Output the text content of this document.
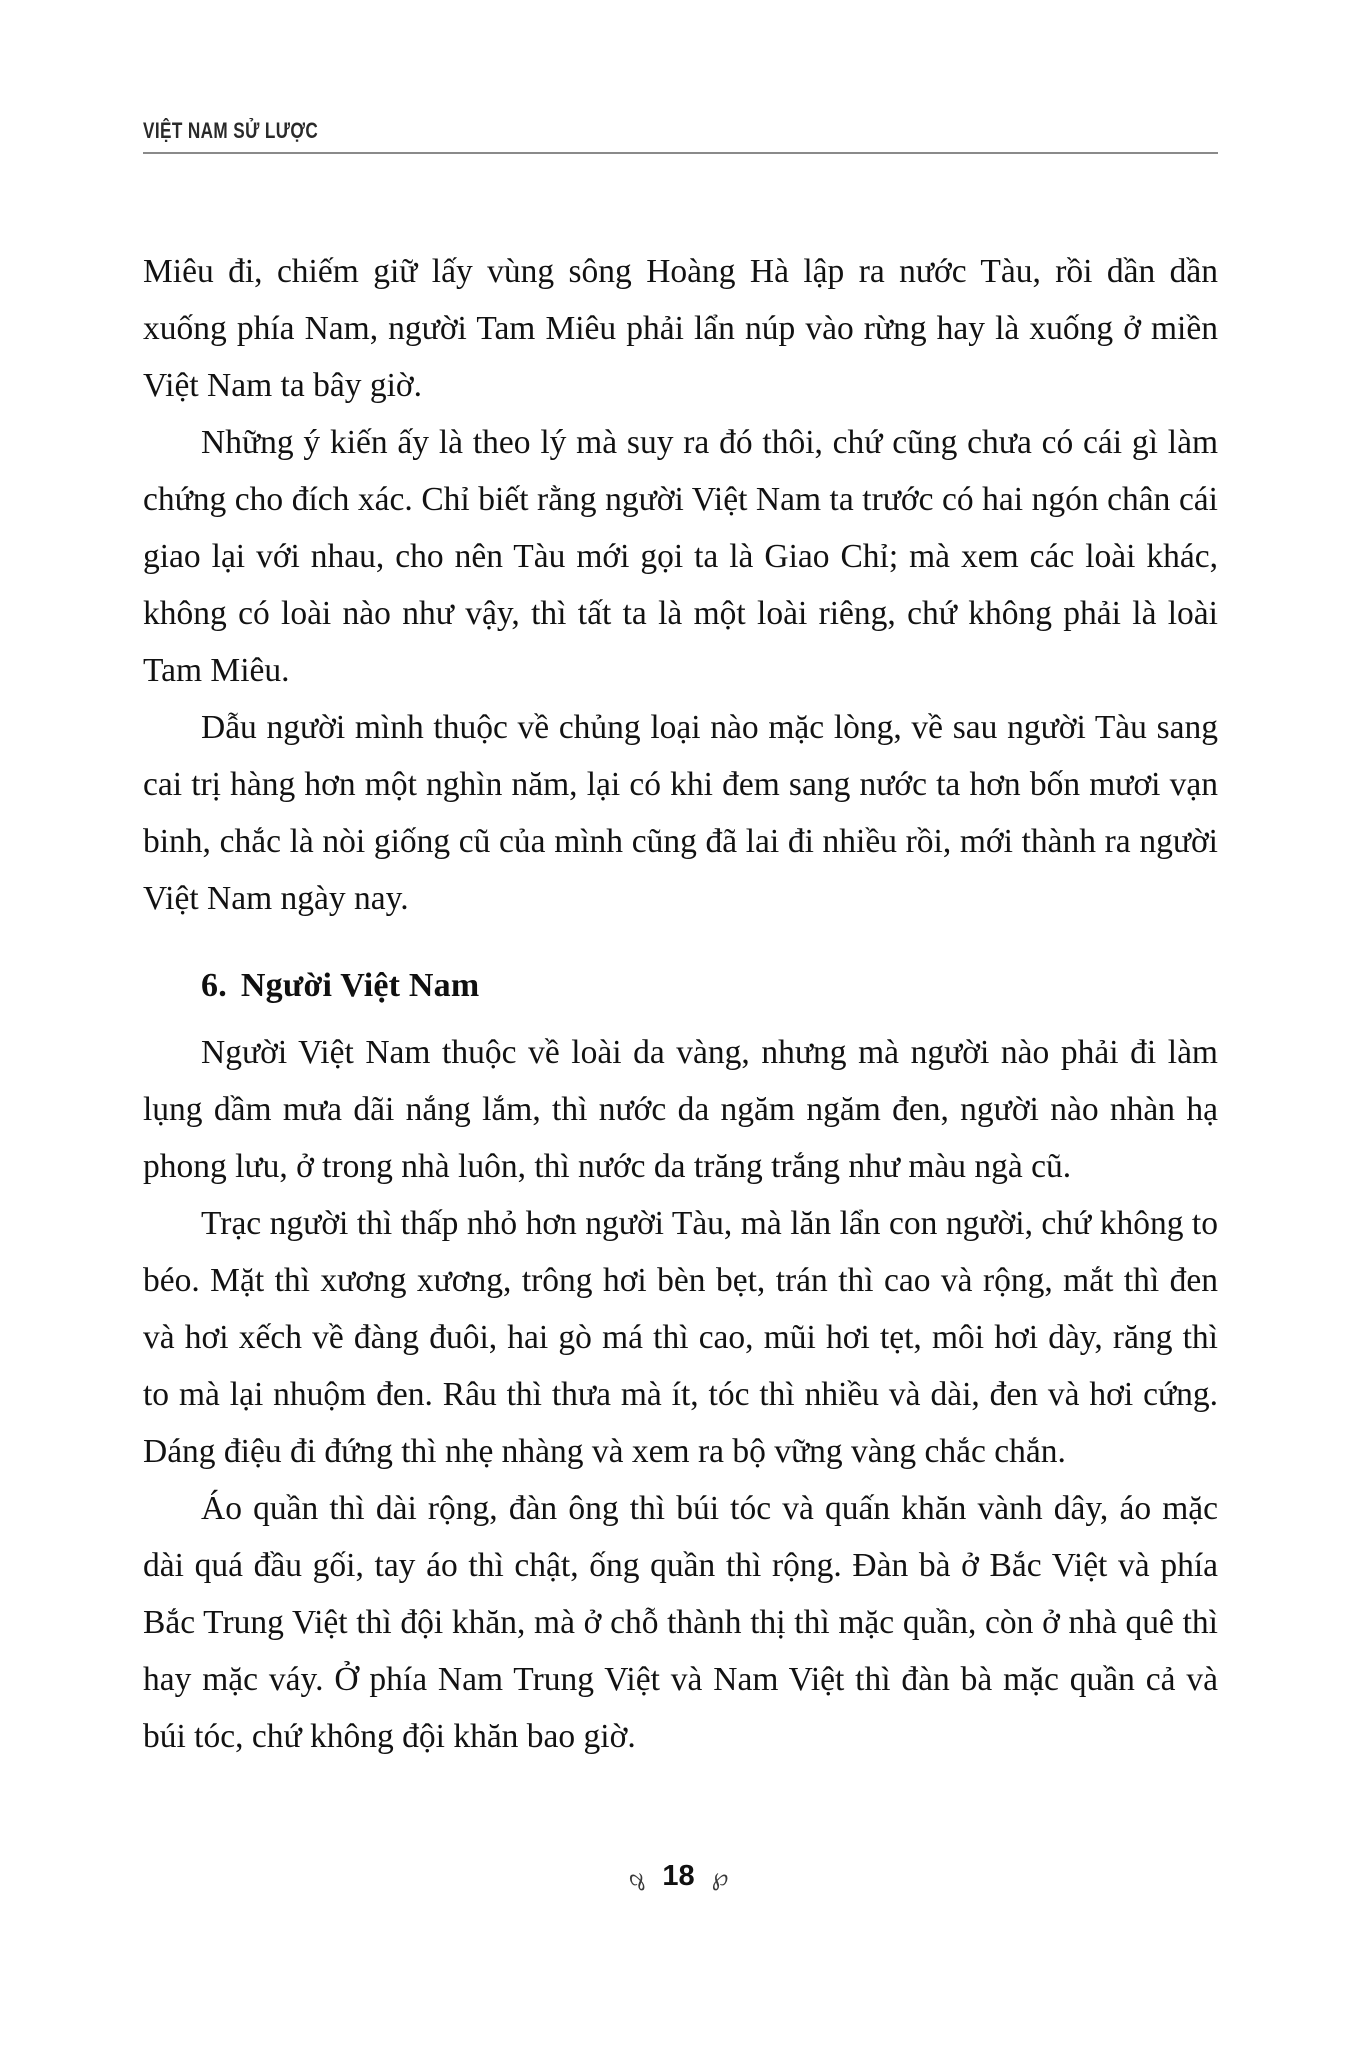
VIỆT NAM SỬ LƯỢC

Miêu đi, chiếm giữ lấy vùng sông Hoàng Hà lập ra nước Tàu, rồi dần dần xuống phía Nam, người Tam Miêu phải lẩn núp vào rừng hay là xuống ở miền Việt Nam ta bây giờ.

Những ý kiến ấy là theo lý mà suy ra đó thôi, chứ cũng chưa có cái gì làm chứng cho đích xác. Chỉ biết rằng người Việt Nam ta trước có hai ngón chân cái giao lại với nhau, cho nên Tàu mới gọi ta là Giao Chỉ; mà xem các loài khác, không có loài nào như vậy, thì tất ta là một loài riêng, chứ không phải là loài Tam Miêu.

Dẫu người mình thuộc về chủng loại nào mặc lòng, về sau người Tàu sang cai trị hàng hơn một nghìn năm, lại có khi đem sang nước ta hơn bốn mươi vạn binh, chắc là nòi giống cũ của mình cũng đã lai đi nhiều rồi, mới thành ra người Việt Nam ngày nay.

6. Người Việt Nam

Người Việt Nam thuộc về loài da vàng, nhưng mà người nào phải đi làm lụng dầm mưa dãi nắng lắm, thì nước da ngăm ngăm đen, người nào nhàn hạ phong lưu, ở trong nhà luôn, thì nước da trăng trắng như màu ngà cũ.

Trạc người thì thấp nhỏ hơn người Tàu, mà lăn lẩn con người, chứ không to béo. Mặt thì xương xương, trông hơi bèn bẹt, trán thì cao và rộng, mắt thì đen và hơi xếch về đàng đuôi, hai gò má thì cao, mũi hơi tẹt, môi hơi dày, răng thì to mà lại nhuộm đen. Râu thì thưa mà ít, tóc thì nhiều và dài, đen và hơi cứng. Dáng điệu đi đứng thì nhẹ nhàng và xem ra bộ vững vàng chắc chắn.

Áo quần thì dài rộng, đàn ông thì búi tóc và quấn khăn vành dây, áo mặc dài quá đầu gối, tay áo thì chật, ống quần thì rộng. Đàn bà ở Bắc Việt và phía Bắc Trung Việt thì đội khăn, mà ở chỗ thành thị thì mặc quần, còn ở nhà quê thì hay mặc váy. Ở phía Nam Trung Việt và Nam Việt thì đàn bà mặc quần cả và búi tóc, chứ không đội khăn bao giờ.

℘ 18 ℘
